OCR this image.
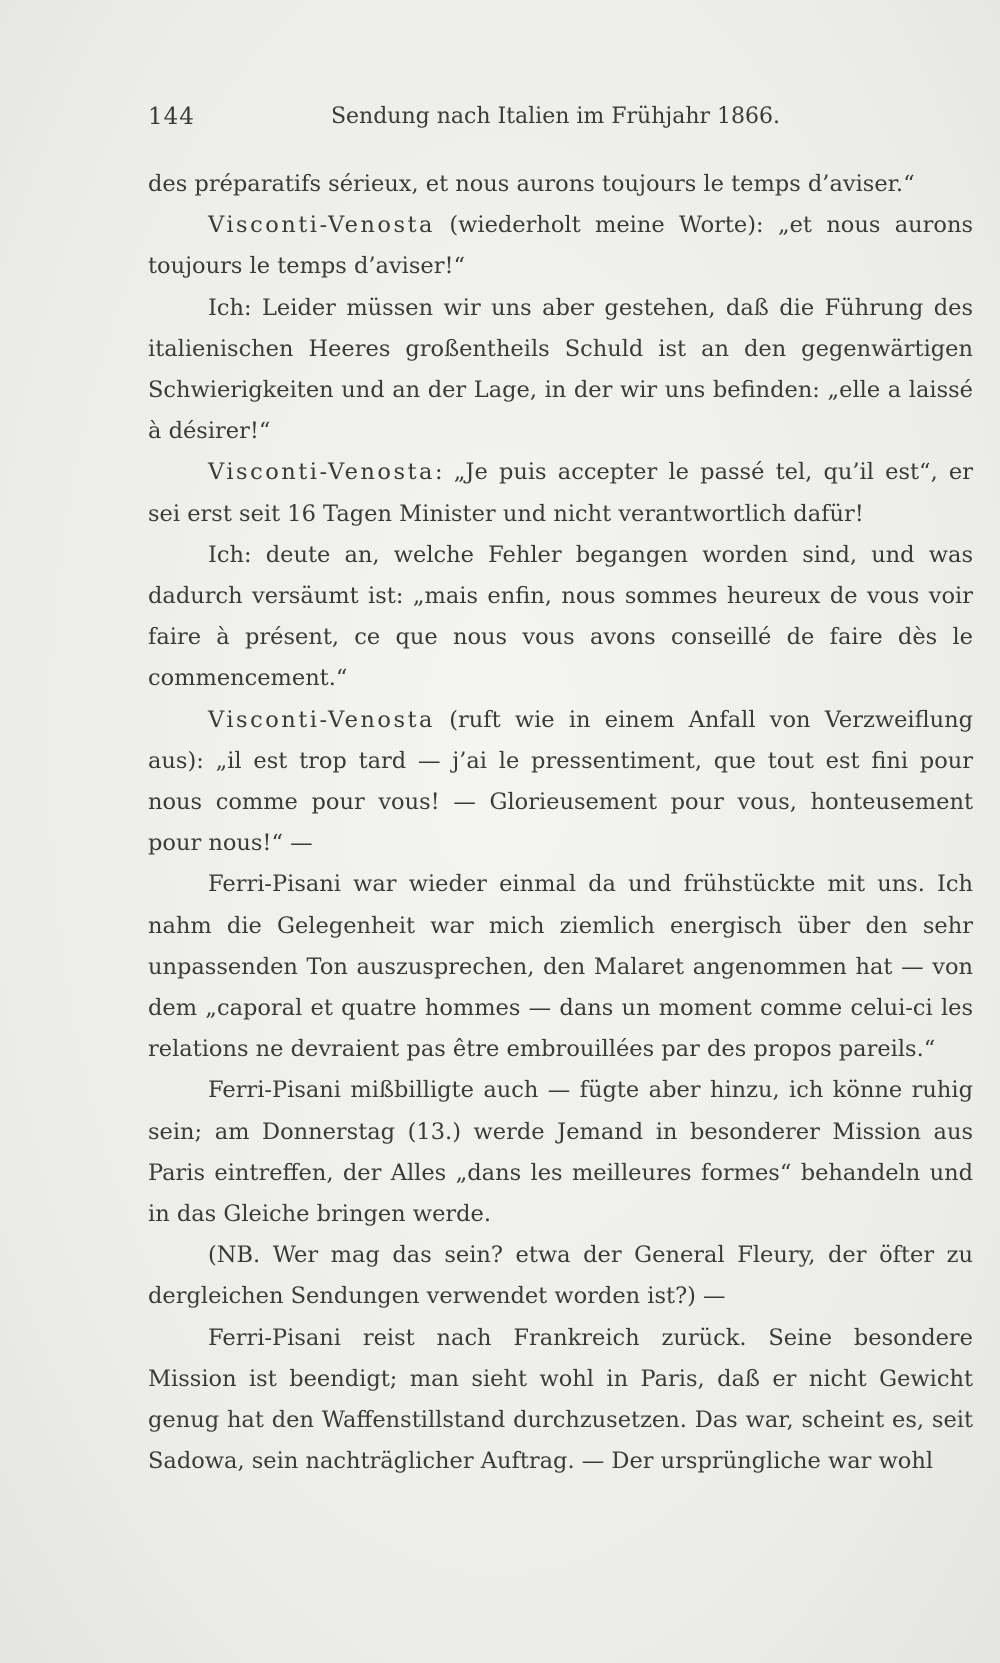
144	Sendung nach Italien im Frühjahr 1866.

des préparatifs sérieux, et nous aurons toujours le temps d’aviser.“

Visconti-Venosta (wiederholt meine Worte): „et nous aurons toujours le temps d’aviser!“

Ich: Leider müssen wir uns aber gestehen, daß die Führung des italienischen Heeres großentheils Schuld ist an den gegenwärtigen Schwierigkeiten und an der Lage, in der wir uns befinden: „elle a laissé à désirer!“

Visconti-Venosta: „Je puis accepter le passé tel, qu’il est“, er sei erst seit 16 Tagen Minister und nicht verantwortlich dafür!

Ich: deute an, welche Fehler begangen worden sind, und was dadurch versäumt ist: „mais enfin, nous sommes heureux de vous voir faire à présent, ce que nous vous avons conseillé de faire dès le commencement.“

Visconti-Venosta (ruft wie in einem Anfall von Verzweiflung aus): „il est trop tard — j’ai le pressentiment, que tout est fini pour nous comme pour vous! — Glorieusement pour vous, honteusement pour nous!“ —

Ferri-Pisani war wieder einmal da und frühstückte mit uns. Ich nahm die Gelegenheit war mich ziemlich energisch über den sehr unpassenden Ton auszusprechen, den Malaret angenommen hat — von dem „caporal et quatre hommes — dans un moment comme celui-ci les relations ne devraient pas être embrouillées par des propos pareils.“

Ferri-Pisani mißbilligte auch — fügte aber hinzu, ich könne ruhig sein; am Donnerstag (13.) werde Jemand in besonderer Mission aus Paris eintreffen, der Alles „dans les meilleures formes“ behandeln und in das Gleiche bringen werde.

(NB. Wer mag das sein? etwa der General Fleury, der öfter zu dergleichen Sendungen verwendet worden ist?) —

Ferri-Pisani reist nach Frankreich zurück. Seine besondere Mission ist beendigt; man sieht wohl in Paris, daß er nicht Gewicht genug hat den Waffenstillstand durchzusetzen. Das war, scheint es, seit Sadowa, sein nachträglicher Auftrag. — Der ursprüngliche war wohl
